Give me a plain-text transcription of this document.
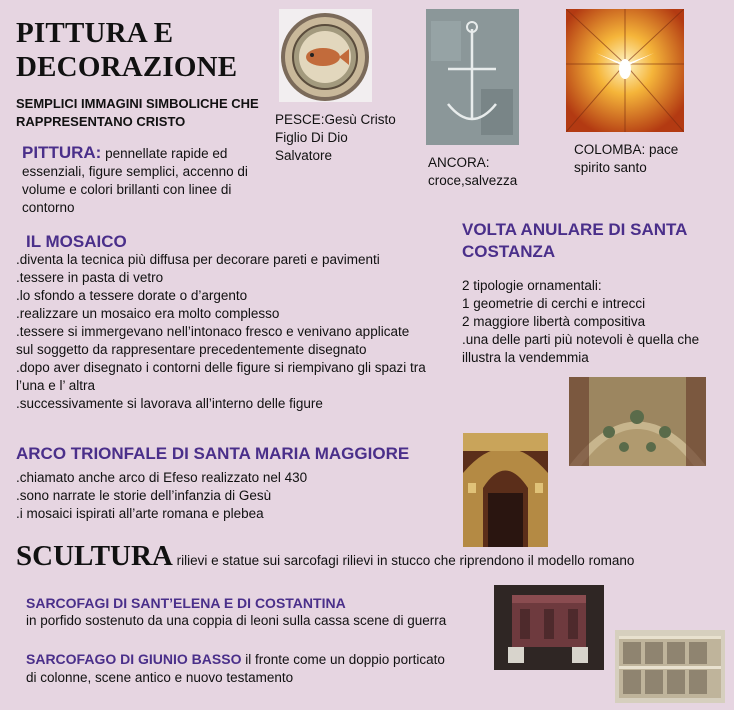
PITTURA E
DECORAZIONE
SEMPLICI IMMAGINI SIMBOLICHE CHE
RAPPRESENTANO CRISTO	PESCE:Gesù Cristo
Figlio Di Dio
Salvatore	ANCORA:
croce,salvezza
COLOMBA: pace
spirito santo
PITTURA: pennellate rapide ed essenziali, figure semplici, accenno di volume e colori brillanti con linee di contorno
IL MOSAICO
.diventa la tecnica più diffusa per decorare pareti e pavimenti
.tessere in pasta di vetro
.lo sfondo a tessere dorate o d’argento
.realizzare un mosaico era molto complesso
.tessere si immergevano nell’intonaco fresco e venivano applicate sul soggetto da rappresentare precedentemente disegnato
.dopo aver disegnato i contorni delle figure si riempivano gli spazi tra l’una e l’ altra
.successivamente si lavorava all’interno delle figure
VOLTA ANULARE DI SANTA COSTANZA
2 tipologie ornamentali:
1 geometrie di cerchi e intrecci
2 maggiore libertà compositiva
.una delle parti più notevoli è quella che illustra la vendemmia
ARCO TRIONFALE DI SANTA MARIA MAGGIORE
.chiamato anche arco di Efeso realizzato nel 430
.sono narrate le storie dell’infanzia di Gesù
.i mosaici ispirati all’arte romana e plebea
SCULTURA rilievi e statue sui sarcofagi rilievi in stucco che riprendono il modello romano
SARCOFAGI DI SANT’ELENA E DI COSTANTINA
in porfido sostenuto da una coppia di leoni sulla cassa scene di guerra
SARCOFAGO DI GIUNIO BASSO il fronte come un doppio porticato di colonne, scene antico e nuovo testamento
